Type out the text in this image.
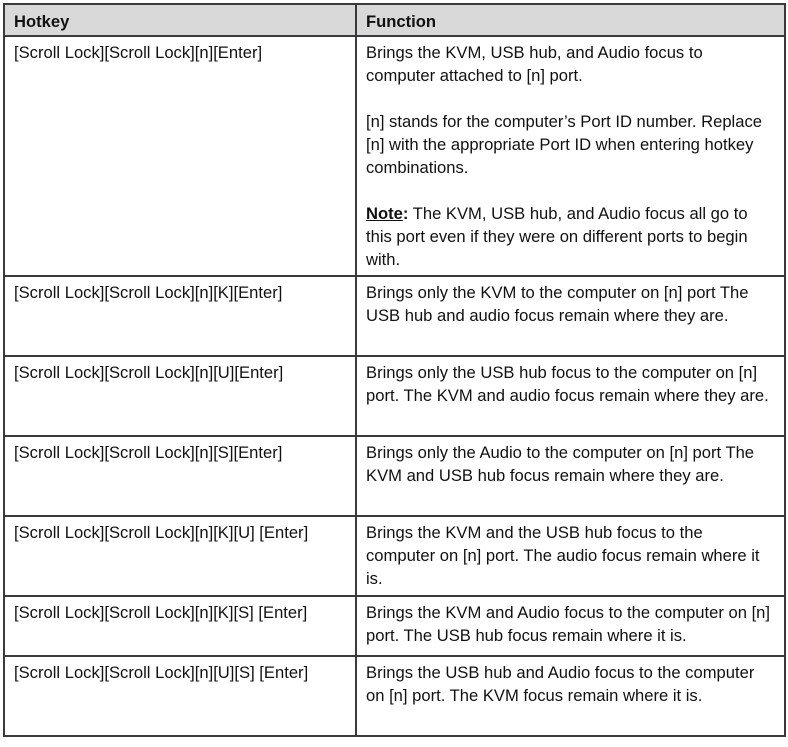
Hotkey	Function
[Scroll Lock][Scroll Lock][n][Enter]	Brings the KVM, USB hub, and Audio focus to computer attached to [n] port.

[n] stands for the computer’s Port ID number. Replace [n] with the appropriate Port ID when entering hotkey combinations.

Note: The KVM, USB hub, and Audio focus all go to this port even if they were on different ports to begin with.

[Scroll Lock][Scroll Lock][n][K][Enter]	Brings only the KVM to the computer on [n] port The USB hub and audio focus remain where they are.
[Scroll Lock][Scroll Lock][n][U][Enter]	Brings only the USB hub focus to the computer on [n] port. The KVM and audio focus remain where they are.
[Scroll Lock][Scroll Lock][n][S][Enter]	Brings only the Audio to the computer on [n] port The KVM and USB hub focus remain where they are.
[Scroll Lock][Scroll Lock][n][K][U] [Enter]	Brings the KVM and the USB hub focus to the computer on [n] port. The audio focus remain where it is.
[Scroll Lock][Scroll Lock][n][K][S] [Enter]	Brings the KVM and Audio focus to the computer on [n] port. The USB hub focus remain where it is.
[Scroll Lock][Scroll Lock][n][U][S] [Enter]	Brings the USB hub and Audio focus to the computer on [n] port. The KVM focus remain where it is.
